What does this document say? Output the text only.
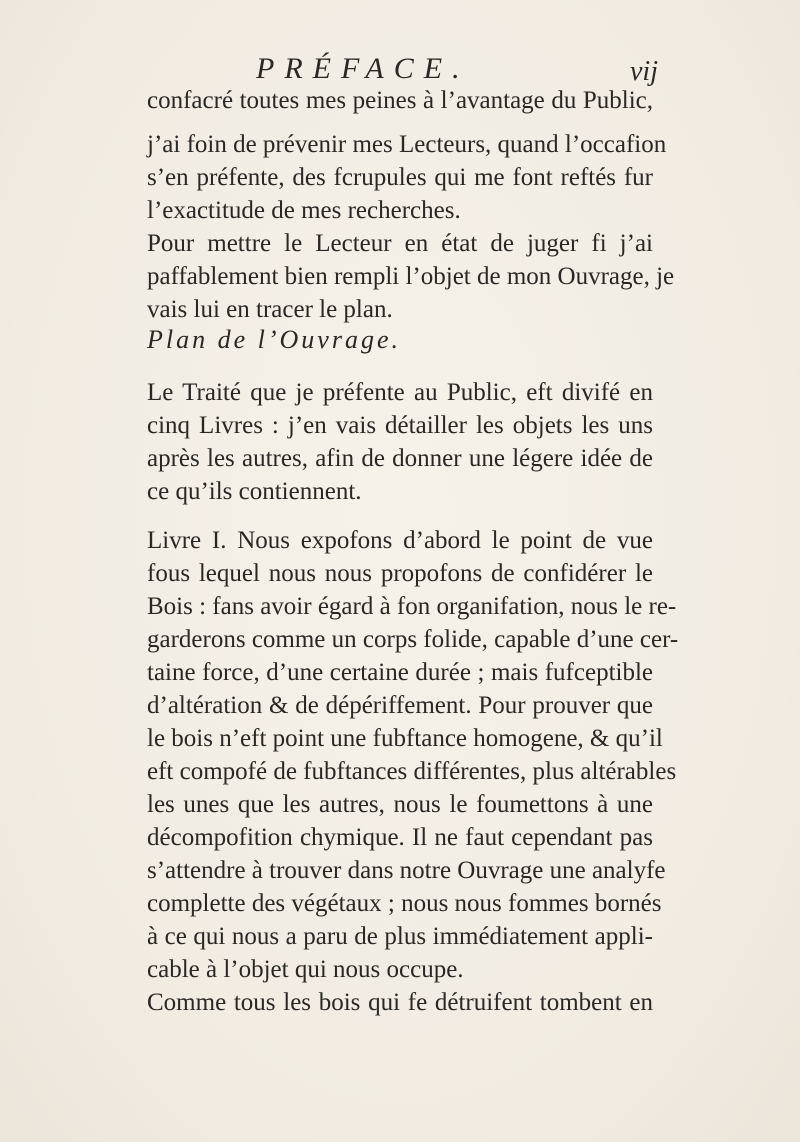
PRÉFACE.	vij
confacré toutes mes peines à l’avantage du Public,
j’ai foin de prévenir mes Lecteurs, quand l’occafion
s’en préfente, des fcrupules qui me font reftés fur
l’exactitude de mes recherches.
Pour mettre le Lecteur en état de juger fi j’ai
paffablement bien rempli l’objet de mon Ouvrage, je
vais lui en tracer le plan.
Plan de l’Ouvrage.
Le Traité que je préfente au Public, eft divifé en
cinq Livres : j’en vais détailler les objets les uns
après les autres, afin de donner une légere idée de
ce qu’ils contiennent.
Livre I. Nous expofons d’abord le point de vue
fous lequel nous nous propofons de confidérer le
Bois : fans avoir égard à fon organifation, nous le re-
garderons comme un corps folide, capable d’une cer-
taine force, d’une certaine durée ; mais fufceptible
d’altération & de dépériffement. Pour prouver que
le bois n’eft point une fubftance homogene, & qu’il
eft compofé de fubftances différentes, plus altérables
les unes que les autres, nous le foumettons à une
décompofition chymique. Il ne faut cependant pas
s’attendre à trouver dans notre Ouvrage une analyfe
complette des végétaux ; nous nous fommes bornés
à ce qui nous a paru de plus immédiatement appli-
cable à l’objet qui nous occupe.
Comme tous les bois qui fe détruifent tombent en
